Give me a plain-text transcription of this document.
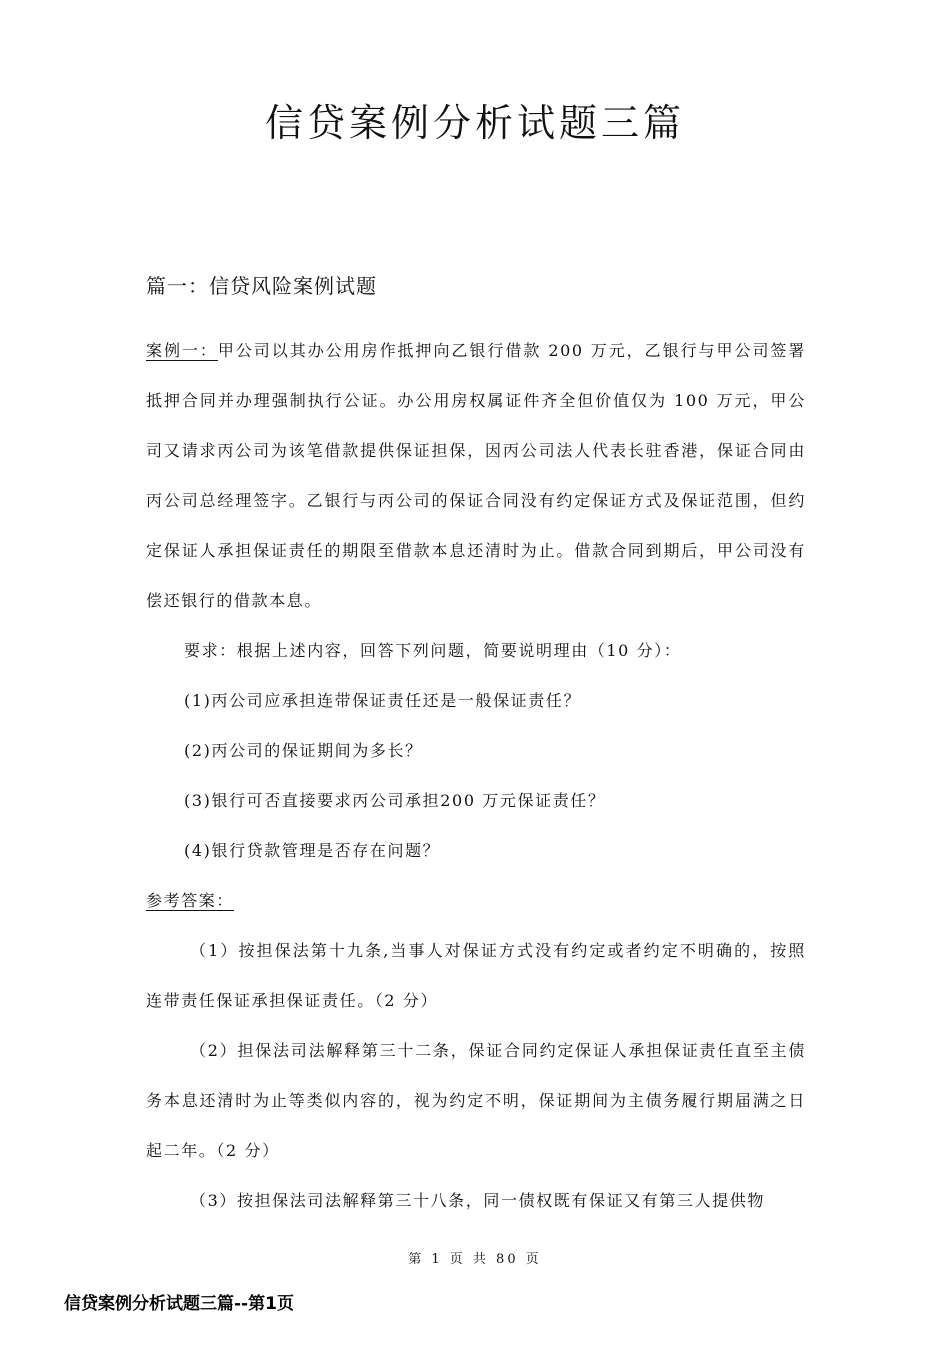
信贷案例分析试题三篇
篇一：信贷风险案例试题

案例一：甲公司以其办公用房作抵押向乙银行借款 200 万元，乙银行与甲公司签署抵押合同并办理强制执行公证。办公用房权属证件齐全但价值仅为 100 万元，甲公司又请求丙公司为该笔借款提供保证担保，因丙公司法人代表长驻香港，保证合同由丙公司总经理签字。乙银行与丙公司的保证合同没有约定保证方式及保证范围，但约定保证人承担保证责任的期限至借款本息还清时为止。借款合同到期后，甲公司没有偿还银行的借款本息。

要求：根据上述内容，回答下列问题，简要说明理由（10 分）：

(1)丙公司应承担连带保证责任还是一般保证责任？

(2)丙公司的保证期间为多长？

(3)银行可否直接要求丙公司承担200 万元保证责任？

(4)银行贷款管理是否存在问题？

参考答案：

（1）按担保法第十九条,当事人对保证方式没有约定或者约定不明确的，按照连带责任保证承担保证责任。（2 分）

（2）担保法司法解释第三十二条，保证合同约定保证人承担保证责任直至主债务本息还清时为止等类似内容的，视为约定不明，保证期间为主债务履行期届满之日起二年。（2 分）

（3）按担保法司法解释第三十八条，同一债权既有保证又有第三人提供物

第 1 页 共 80 页
信贷案例分析试题三篇--第1页
